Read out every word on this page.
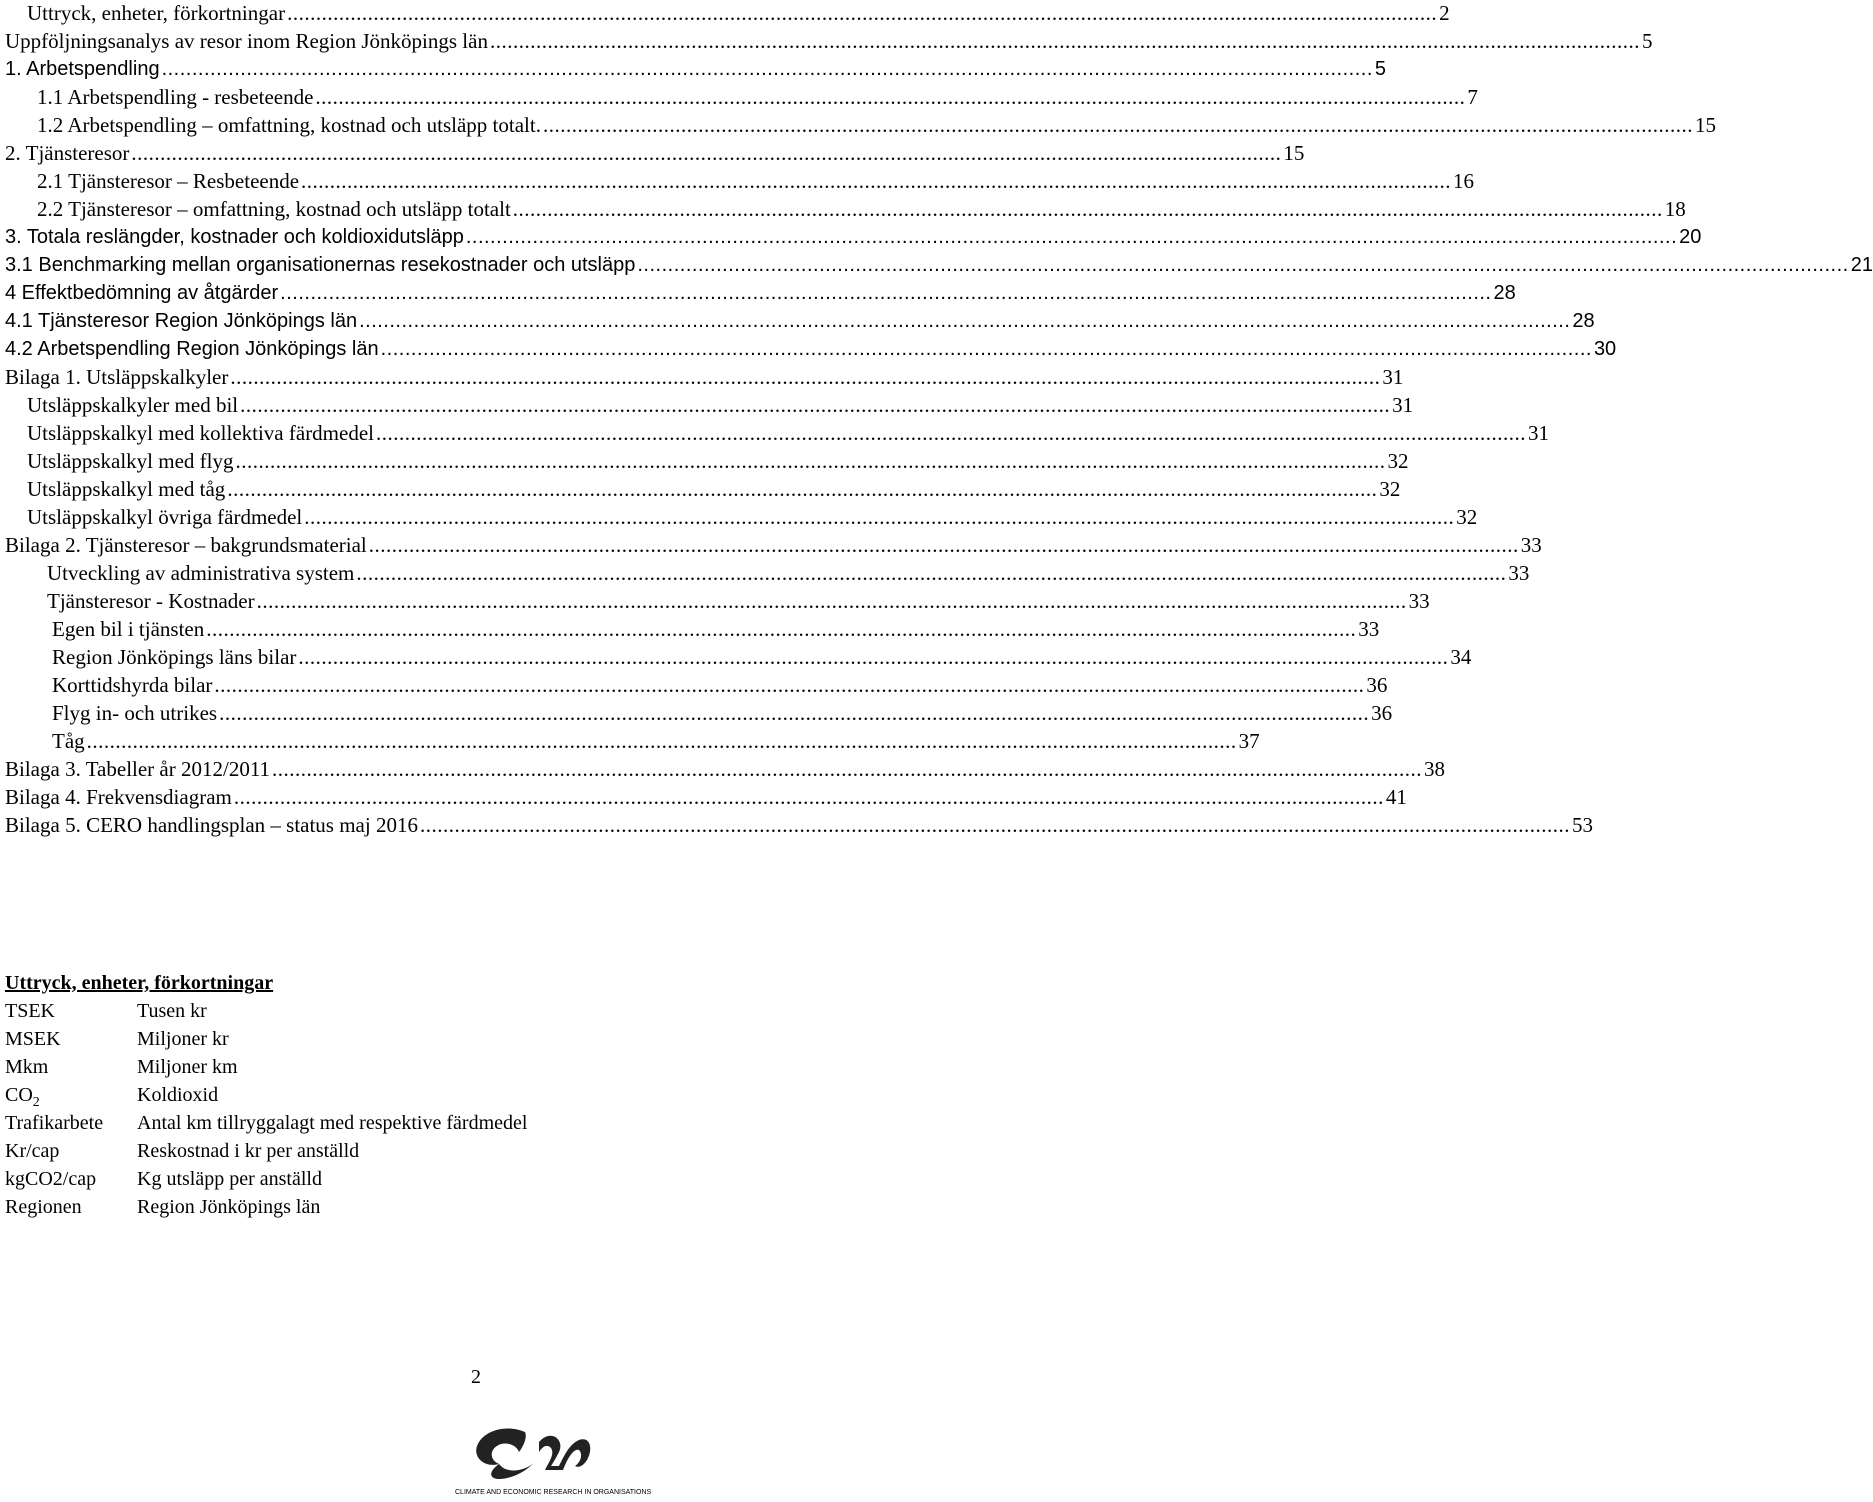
Uttryck, enheter, förkortningar ........................................................................................................................................................................................................ 2
Uppföljningsanalys av resor inom Region Jönköpings län ........................................................................................................................................................................................................ 5
1. Arbetspendling ........................................................................................................................................................................................................ 5
1.1 Arbetspendling - resbeteende ........................................................................................................................................................................................................ 7
1.2 Arbetspendling – omfattning, kostnad och utsläpp totalt. ........................................................................................................................................................................................................ 15
2. Tjänsteresor ........................................................................................................................................................................................................ 15
2.1 Tjänsteresor – Resbeteende ........................................................................................................................................................................................................ 16
2.2 Tjänsteresor – omfattning, kostnad och utsläpp totalt ........................................................................................................................................................................................................ 18
3. Totala reslängder, kostnader och koldioxidutsläpp ........................................................................................................................................................................................................ 20
3.1 Benchmarking mellan organisationernas resekostnader och utsläpp ........................................................................................................................................................................................................ 21
4 Effektbedömning av åtgärder ........................................................................................................................................................................................................ 28
4.1 Tjänsteresor Region Jönköpings län ........................................................................................................................................................................................................ 28
4.2 Arbetspendling Region Jönköpings län ........................................................................................................................................................................................................ 30
Bilaga 1. Utsläppskalkyler ........................................................................................................................................................................................................ 31
Utsläppskalkyler med bil ........................................................................................................................................................................................................ 31
Utsläppskalkyl med kollektiva färdmedel ........................................................................................................................................................................................................ 31
Utsläppskalkyl med flyg ........................................................................................................................................................................................................ 32
Utsläppskalkyl med tåg ........................................................................................................................................................................................................ 32
Utsläppskalkyl övriga färdmedel ........................................................................................................................................................................................................ 32
Bilaga 2. Tjänsteresor – bakgrundsmaterial ........................................................................................................................................................................................................ 33
Utveckling av administrativa system ........................................................................................................................................................................................................ 33
Tjänsteresor - Kostnader ........................................................................................................................................................................................................ 33
Egen bil i tjänsten ........................................................................................................................................................................................................ 33
Region Jönköpings läns bilar ........................................................................................................................................................................................................ 34
Korttidshyrda bilar ........................................................................................................................................................................................................ 36
Flyg in- och utrikes ........................................................................................................................................................................................................ 36
Tåg ........................................................................................................................................................................................................ 37
Bilaga 3. Tabeller år 2012/2011 ........................................................................................................................................................................................................ 38
Bilaga 4. Frekvensdiagram ........................................................................................................................................................................................................ 41
Bilaga 5. CERO handlingsplan – status maj 2016 ........................................................................................................................................................................................................ 53
Uttryck, enheter, förkortningar
TSEK	Tusen kr
MSEK	Miljoner kr
Mkm	Miljoner km
$CO_2$	Koldioxid
Trafikarbete Antal km tillryggalagt med respektive färdmedel
Kr/cap	Reskostnad i kr per anställd
kgCO2/cap Kg utsläpp per anställd
Regionen	Region Jönköpings län
2
CLIMATE AND ECONOMIC RESEARCH IN ORGANISATIONS
